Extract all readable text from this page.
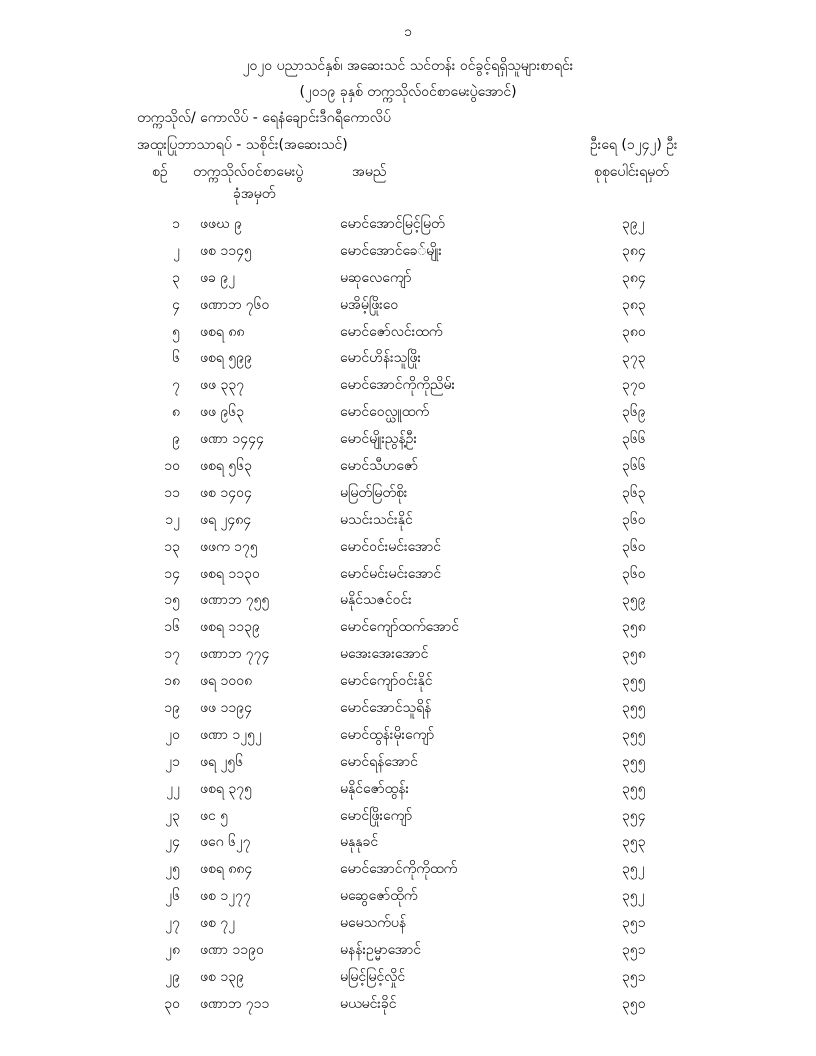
၁
၂၀၂၀ ပညာသင်နှစ်၊ အဆေးသင် သင်တန်း ဝင်ခွင့်ရရှိသူများစာရင်း
(၂၀၁၉ ခုနှစ် တက္ကသိုလ်ဝင်စာမေးပွဲအောင်)
တက္ကသိုလ်/ ကောလိပ် - ရေနံချောင်းဒီဂရီကောလိပ်
အထူးပြုဘာသာရပ် - သစိုင်း(အဆေးသင်)	ဦးရေ (၁၂၄၂) ဦး
စဉ် တက္ကသိုလ်ဝင်စာမေးပွဲ
ခုံအမှတ်
အမည်	စုစုပေါင်းရမှတ်
၁ ဖဖဃ ၉	မောင်အောင်မြင့်မြတ်	၃၉၂
၂ ဖစ ၁၁၄၅	မောင်အောင်ခေ်မျိုး	၃၈၄
၃ ဖခ ၉၂	မဆုလေကျော်	၃၈၄
၄ ဖဏာဘ ၇၆၀	မအိမ့်ဖြိုးဝေ	၃၈၃
၅ ဖစရ ၈၈	မောင်ဇော်လင်းထက်	၃၈၀
၆ ဖစရ ၅၉၉	မောင်ဟိန်းသူဖြိုး	၃၇၃
၇ ဖဖ ၃၃၇	မောင်အောင်ကိုကိုညိမ်း	၃၇၀
၈ ဖဖ ၉၆၃	မောင်ဝေလ္ယူထက်	၃၆၉
၉ ဖဏာ ၁၄၄၄	မောင်မျိုးညွန့်ဦး	၃၆၆
၁၀ ဖစရ ၅၆၃	မောင်သီဟဇော်	၃၆၆
၁၁ ဖစ ၁၄၀၄	မမြတ်မြတ်စိုး	၃၆၃
၁၂ ဖရ ၂၄၈၄	မသင်းသင်းနိုင်	၃၆၀
၁၃ ဖဖက ၁၇၅	မောင်ဝင်းမင်းအောင်	၃၆၀
၁၄ ဖစရ ၁၁၃၀	မောင်မင်းမင်းအောင်	၃၆၀
၁၅ ဖဏာဘ ၇၅၅	မနိုင်သဇင်ဝင်း	၃၅၉
၁၆ ဖစရ ၁၁၃၉	မောင်ကျော်ထက်အောင်	၃၅၈
၁၇ ဖဏာဘ ၇၇၄	မအေးအေးအောင်	၃၅၈
၁၈ ဖရ ၁၀၀၈	မောင်ကျော်ဝင်းနိုင်	၃၅၅
၁၉ ဖဖ ၁၁၉၄	မောင်အောင်သူရိန်	၃၅၅
၂၀ ဖဏာ ၁၂၅၂	မောင်ထွန်းမိုးကျော်	၃၅၅
၂၁ ဖရ ၂၅၆	မောင်ရန်အောင်	၃၅၅
၂၂ ဖစရ ၃၇၅	မနိုင်ဇော်ထွန်း	၃၅၅
၂၃ ဖင ၅	မောင်ဖြိုးကျော်	၃၅၄
၂၄ ဖဂေ ၆၂၇	မနုနုခင်	၃၅၃
၂၅ ဖစရ ၈၈၄	မောင်အောင်ကိုကိုထက်	၃၅၂
၂၆ ဖစ ၁၂၇၇	မဆွေဇော်ထိုက်	၃၅၂
၂၇ ဖစ ၇၂	မမေသက်ပန်	၃၅၁
၂၈ ဖဏာ ၁၁၉၀	မနန်းဥမ္မာအောင်	၃၅၁
၂၉ ဖစ ၁၃၉	မမြင့်မြင့်လှိုင်	၃၅၁
၃၀ ဖဏာဘ ၇၁၁	မယမင်းခိုင်	၃၅၀
